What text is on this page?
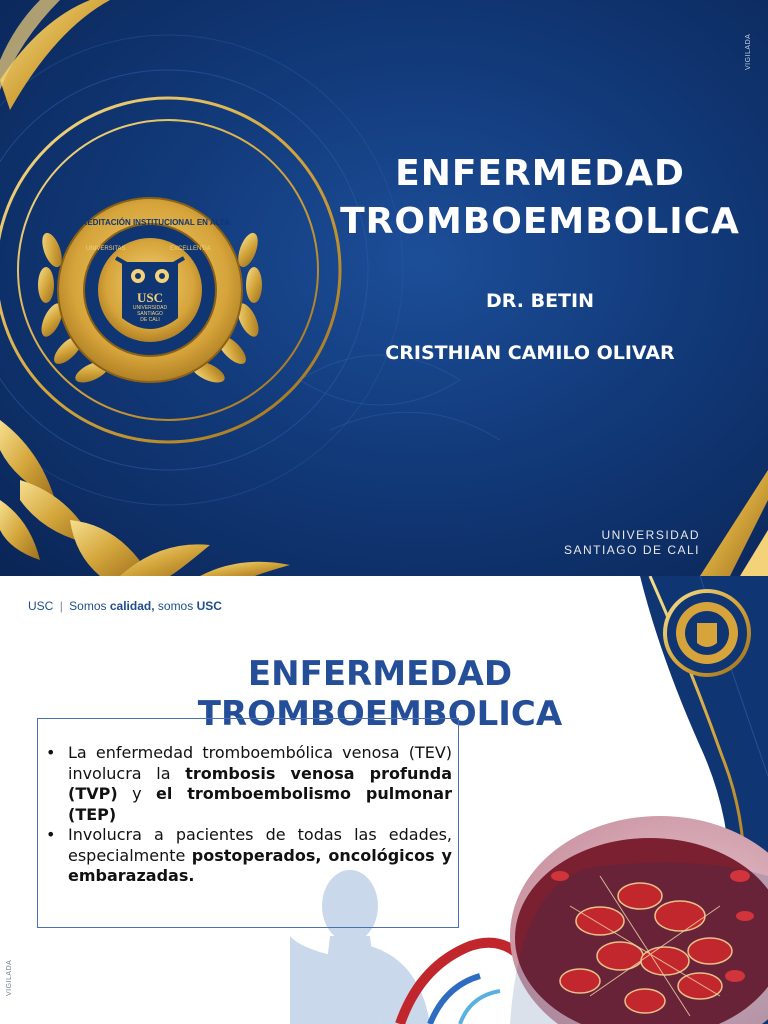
ACREDITACIÓN INSTITUCIONAL EN ALTA CALIDAD
UNIVERSITAS	EXCELLENTIA
USC
UNIVERSIDAD
SANTIAGO
DE CALI
ENFERMEDAD TROMBOEMBOLICA

DR. BETIN

CRISTHIAN CAMILO OLIVAR

UNIVERSIDAD
SANTIAGO DE CALI
VIGILADA
USC | Somos calidad, somos USC
ENFERMEDAD TROMBOEMBOLICA
• La enfermedad tromboembólica venosa (TEV) involucra la trombosis venosa profunda (TVP) y el tromboembolismo pulmonar (TEP)
• Involucra a pacientes de todas las edades, especialmente postoperados, oncológicos y embarazadas.
VIGILADA
